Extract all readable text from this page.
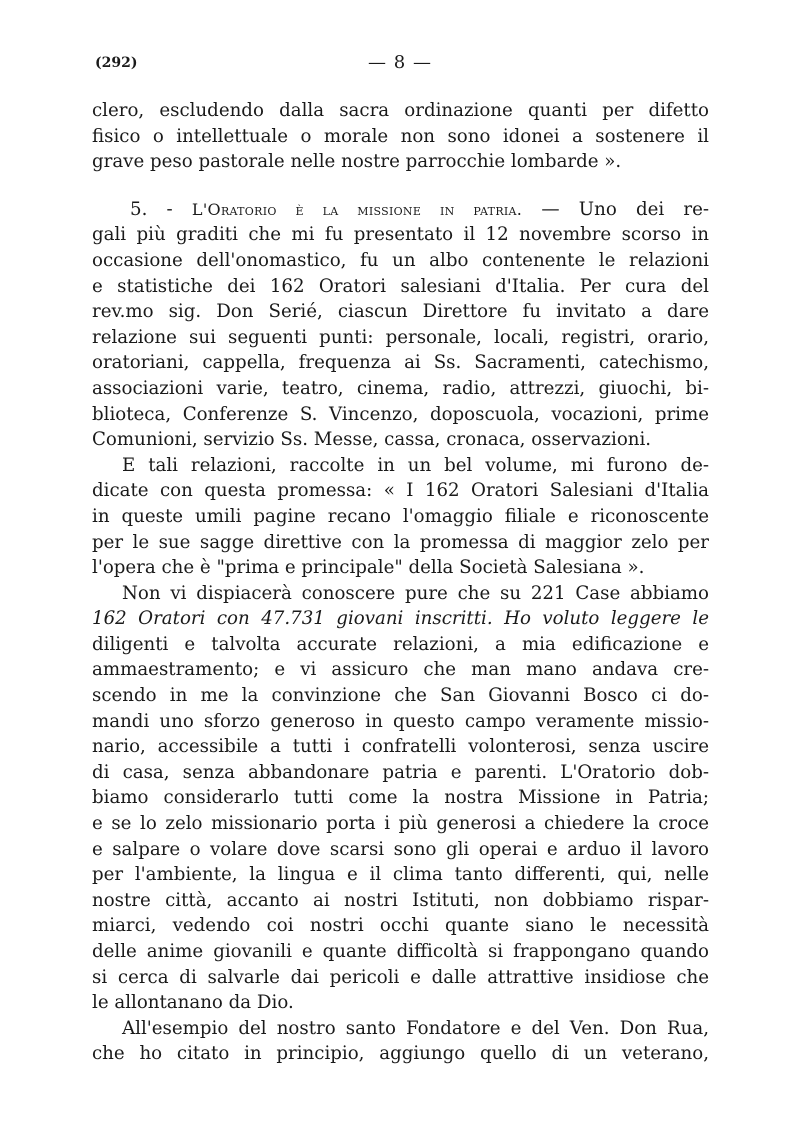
(292)	— 8 —
clero, escludendo dalla sacra ordinazione quanti per difetto
fisico o intellettuale o morale non sono idonei a sostenere il
grave peso pastorale nelle nostre parrocchie lombarde ».
5. - L'Oratorio è la missione in patria. — Uno dei re-
gali più graditi che mi fu presentato il 12 novembre scorso in
occasione dell'onomastico, fu un albo contenente le relazioni
e statistiche dei 162 Oratori salesiani d'Italia. Per cura del
rev.mo sig. Don Serié, ciascun Direttore fu invitato a dare
relazione sui seguenti punti: personale, locali, registri, orario,
oratoriani, cappella, frequenza ai Ss. Sacramenti, catechismo,
associazioni varie, teatro, cinema, radio, attrezzi, giuochi, bi-
blioteca, Conferenze S. Vincenzo, doposcuola, vocazioni, prime
Comunioni, servizio Ss. Messe, cassa, cronaca, osservazioni.
E tali relazioni, raccolte in un bel volume, mi furono de-
dicate con questa promessa: « I 162 Oratori Salesiani d'Italia
in queste umili pagine recano l'omaggio filiale e riconoscente
per le sue sagge direttive con la promessa di maggior zelo per
l'opera che è "prima e principale" della Società Salesiana ».
Non vi dispiacerà conoscere pure che su 221 Case abbiamo
162 Oratori con 47.731 giovani inscritti. Ho voluto leggere le
diligenti e talvolta accurate relazioni, a mia edificazione e
ammaestramento; e vi assicuro che man mano andava cre-
scendo in me la convinzione che San Giovanni Bosco ci do-
mandi uno sforzo generoso in questo campo veramente missio-
nario, accessibile a tutti i confratelli volonterosi, senza uscire
di casa, senza abbandonare patria e parenti. L'Oratorio dob-
biamo considerarlo tutti come la nostra Missione in Patria;
e se lo zelo missionario porta i più generosi a chiedere la croce
e salpare o volare dove scarsi sono gli operai e arduo il lavoro
per l'ambiente, la lingua e il clima tanto differenti, qui, nelle
nostre città, accanto ai nostri Istituti, non dobbiamo rispar-
miarci, vedendo coi nostri occhi quante siano le necessità
delle anime giovanili e quante difficoltà si frappongano quando
si cerca di salvarle dai pericoli e dalle attrattive insidiose che
le allontanano da Dio.
All'esempio del nostro santo Fondatore e del Ven. Don Rua,
che ho citato in principio, aggiungo quello di un veterano,
